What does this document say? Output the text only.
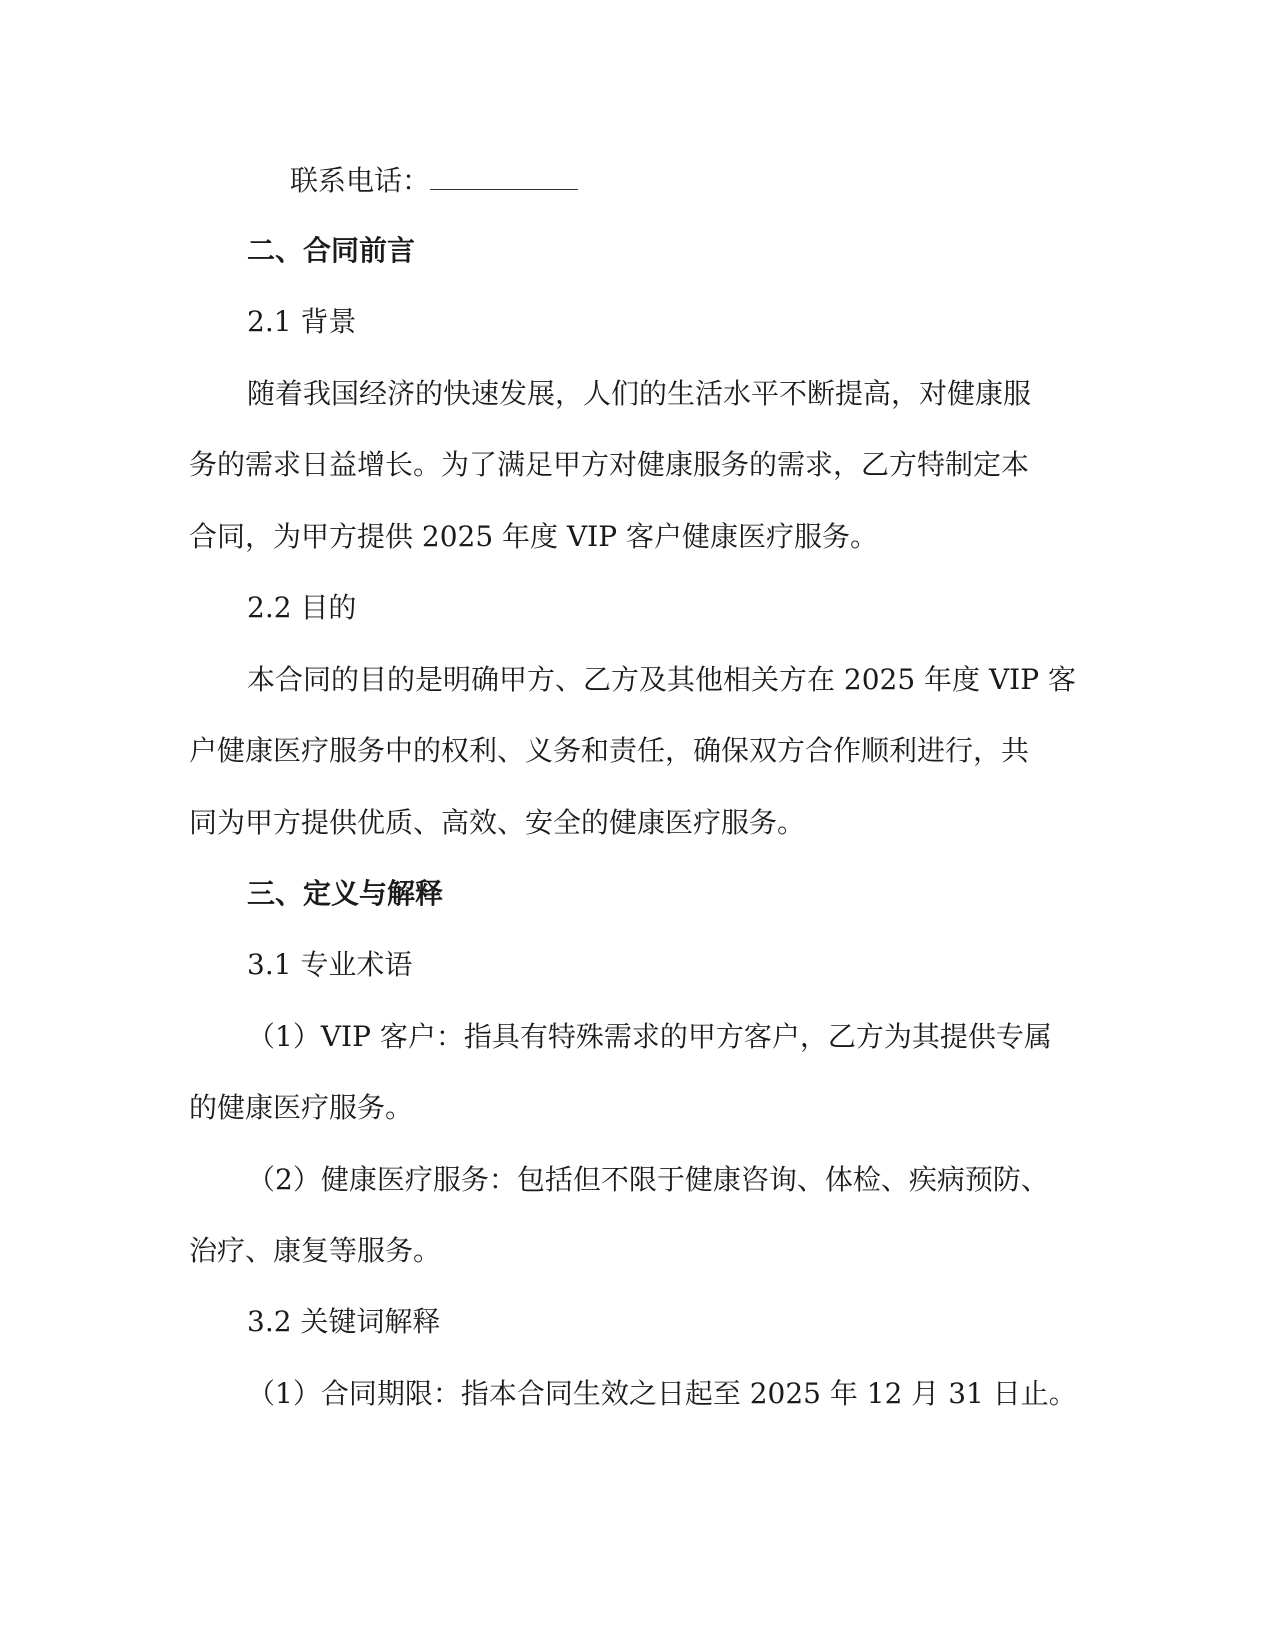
联系电话：
二、合同前言
2.1 背景
随着我国经济的快速发展，人们的生活水平不断提高，对健康服
务的需求日益增长。为了满足甲方对健康服务的需求，乙方特制定本
合同，为甲方提供 2025 年度 VIP 客户健康医疗服务。
2.2 目的
本合同的目的是明确甲方、乙方及其他相关方在 2025 年度 VIP 客
户健康医疗服务中的权利、义务和责任，确保双方合作顺利进行，共
同为甲方提供优质、高效、安全的健康医疗服务。
三、定义与解释
3.1 专业术语
（1）VIP 客户：指具有特殊需求的甲方客户，乙方为其提供专属
的健康医疗服务。
（2）健康医疗服务：包括但不限于健康咨询、体检、疾病预防、
治疗、康复等服务。
3.2 关键词解释
（1）合同期限：指本合同生效之日起至 2025 年 12 月 31 日止。
